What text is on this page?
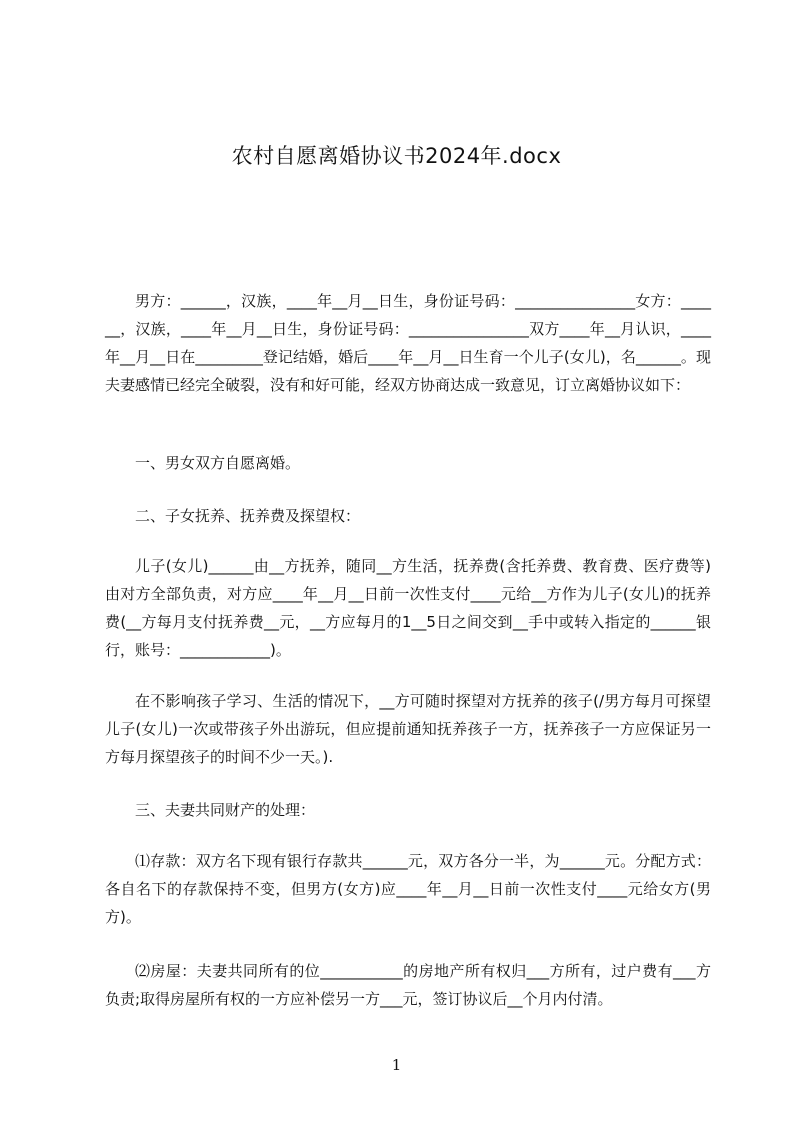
农村自愿离婚协议书2024年.docx

男方：______，汉族，____年__月__日生，身份证号码：________________女方：______，汉族，____年__月__日生，身份证号码：________________双方____年__月认识，____年__月__日在_________登记结婚，婚后____年__月__日生育一个儿子(女儿)，名______。现夫妻感情已经完全破裂，没有和好可能，经双方协商达成一致意见，订立离婚协议如下：

一、男女双方自愿离婚。

二、子女抚养、抚养费及探望权：

儿子(女儿)______由__方抚养，随同__方生活，抚养费(含托养费、教育费、医疗费等)由对方全部负责，对方应____年__月__日前一次性支付____元给__方作为儿子(女儿)的抚养费(__方每月支付抚养费__元，__方应每月的1__5日之间交到__手中或转入指定的______银行，账号：____________)。

在不影响孩子学习、生活的情况下，__方可随时探望对方抚养的孩子(/男方每月可探望儿子(女儿)一次或带孩子外出游玩，但应提前通知抚养孩子一方，抚养孩子一方应保证另一方每月探望孩子的时间不少一天。).

三、夫妻共同财产的处理：

⑴存款：双方名下现有银行存款共______元，双方各分一半，为______元。分配方式：各自名下的存款保持不变，但男方(女方)应____年__月__日前一次性支付____元给女方(男方)。

⑵房屋：夫妻共同所有的位___________的房地产所有权归___方所有，过户费有___方负责;取得房屋所有权的一方应补偿另一方___元，签订协议后__个月内付清。

1
